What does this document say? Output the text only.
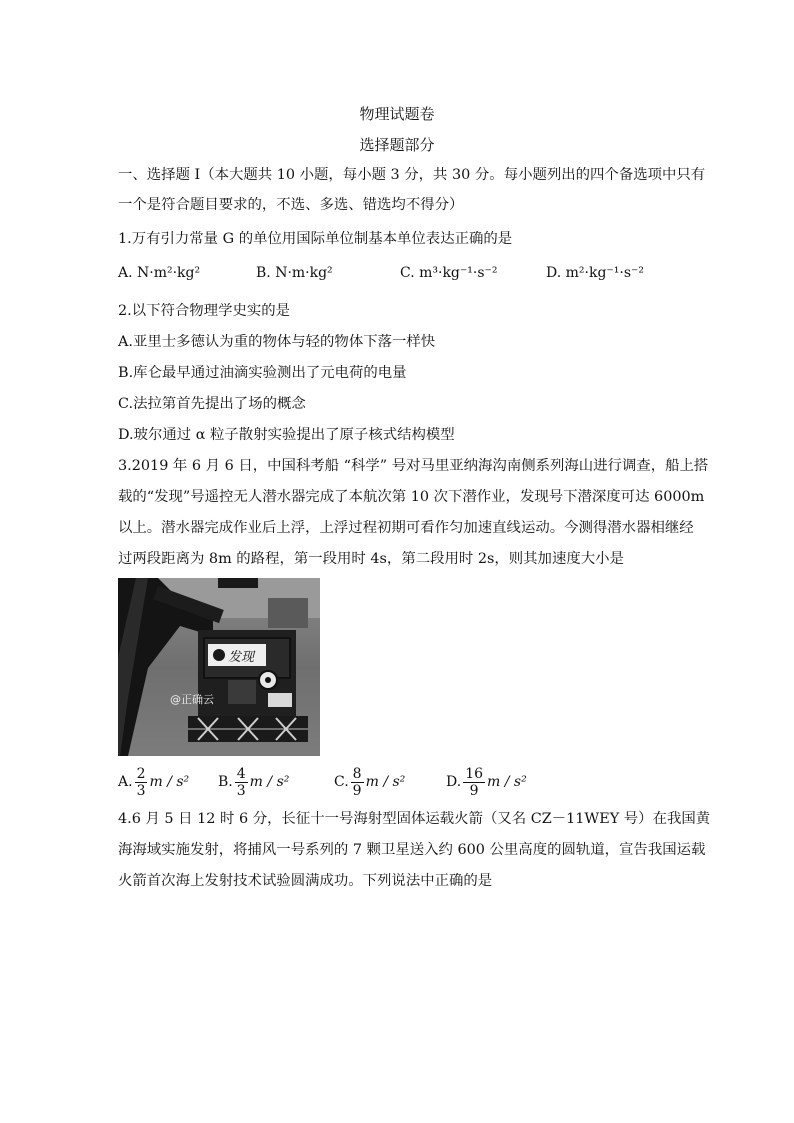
物理试题卷
选择题部分
一、选择题 I（本大题共 10 小题，每小题 3 分，共 30 分。每小题列出的四个备选项中只有
一个是符合题目要求的，不选、多选、错选均不得分）
1.万有引力常量 G 的单位用国际单位制基本单位表达正确的是
A. N·m²·kg²	B. N·m·kg²	C. m³·kg⁻¹·s⁻²	D. m²·kg⁻¹·s⁻²
2.以下符合物理学史实的是
A.亚里士多德认为重的物体与轻的物体下落一样快
B.库仑最早通过油滴实验测出了元电荷的电量
C.法拉第首先提出了场的概念
D.玻尔通过 α 粒子散射实验提出了原子核式结构模型
3.2019 年 6 月 6 日，中国科考船 “科学” 号对马里亚纳海沟南侧系列海山进行调查，船上搭
载的“发现”号遥控无人潜水器完成了本航次第 10 次下潜作业，发现号下潜深度可达 6000m
以上。潜水器完成作业后上浮，上浮过程初期可看作匀加速直线运动。今测得潜水器相继经
过两段距离为 8m 的路程，第一段用时 4s，第二段用时 2s，则其加速度大小是
发现
@正确云
A. $\frac{2}{3}$ m / s² B. $\frac{4}{3}$ m / s²	C. $\frac{8}{9}$ m / s²	D. $\frac{16}{9}$ m / s²
4.6 月 5 日 12 时 6 分，长征十一号海射型固体运载火箭（又名 CZ－11WEY 号）在我国黄
海海域实施发射，将捕风一号系列的 7 颗卫星送入约 600 公里高度的圆轨道，宣告我国运载
火箭首次海上发射技术试验圆满成功。下列说法中正确的是
